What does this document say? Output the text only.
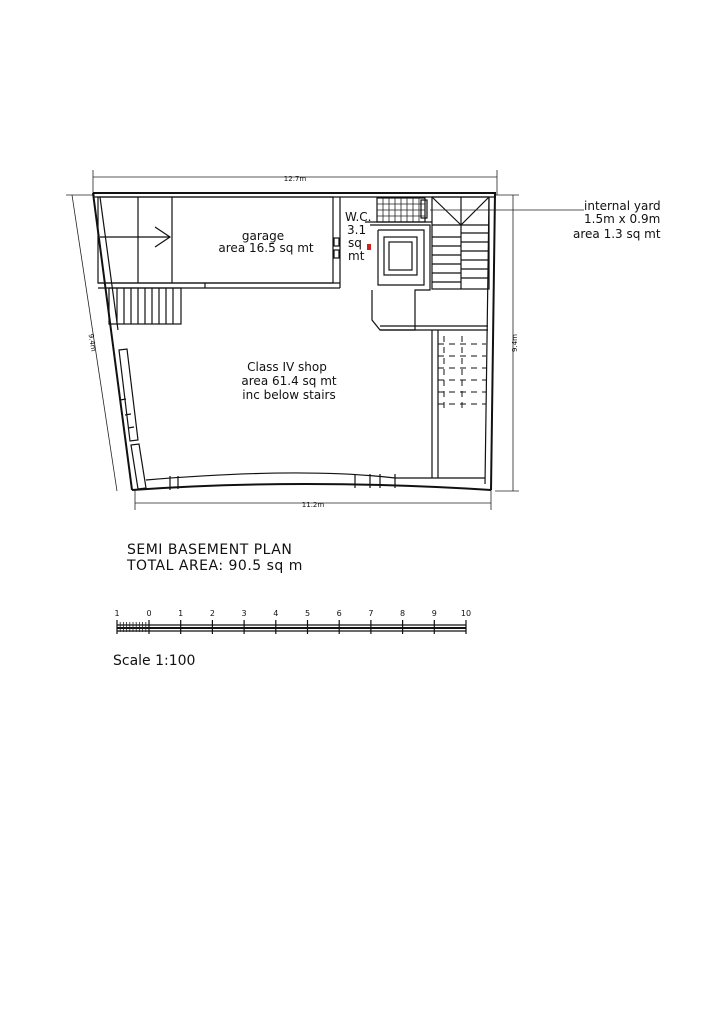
12.7m
9.4m
9.4m
11.2m
garage
area 16.5 sq mt
W.C.
3.1
sq
mt
Class IV shop
area 61.4 sq mt
inc below stairs
internal yard
1.5m x 0.9m
area 1.3 sq mt
SEMI BASEMENT PLAN
TOTAL AREA: 90.5 sq m
1	0	1	2	3	4	5	6	7	8	9	10
Scale 1:100
